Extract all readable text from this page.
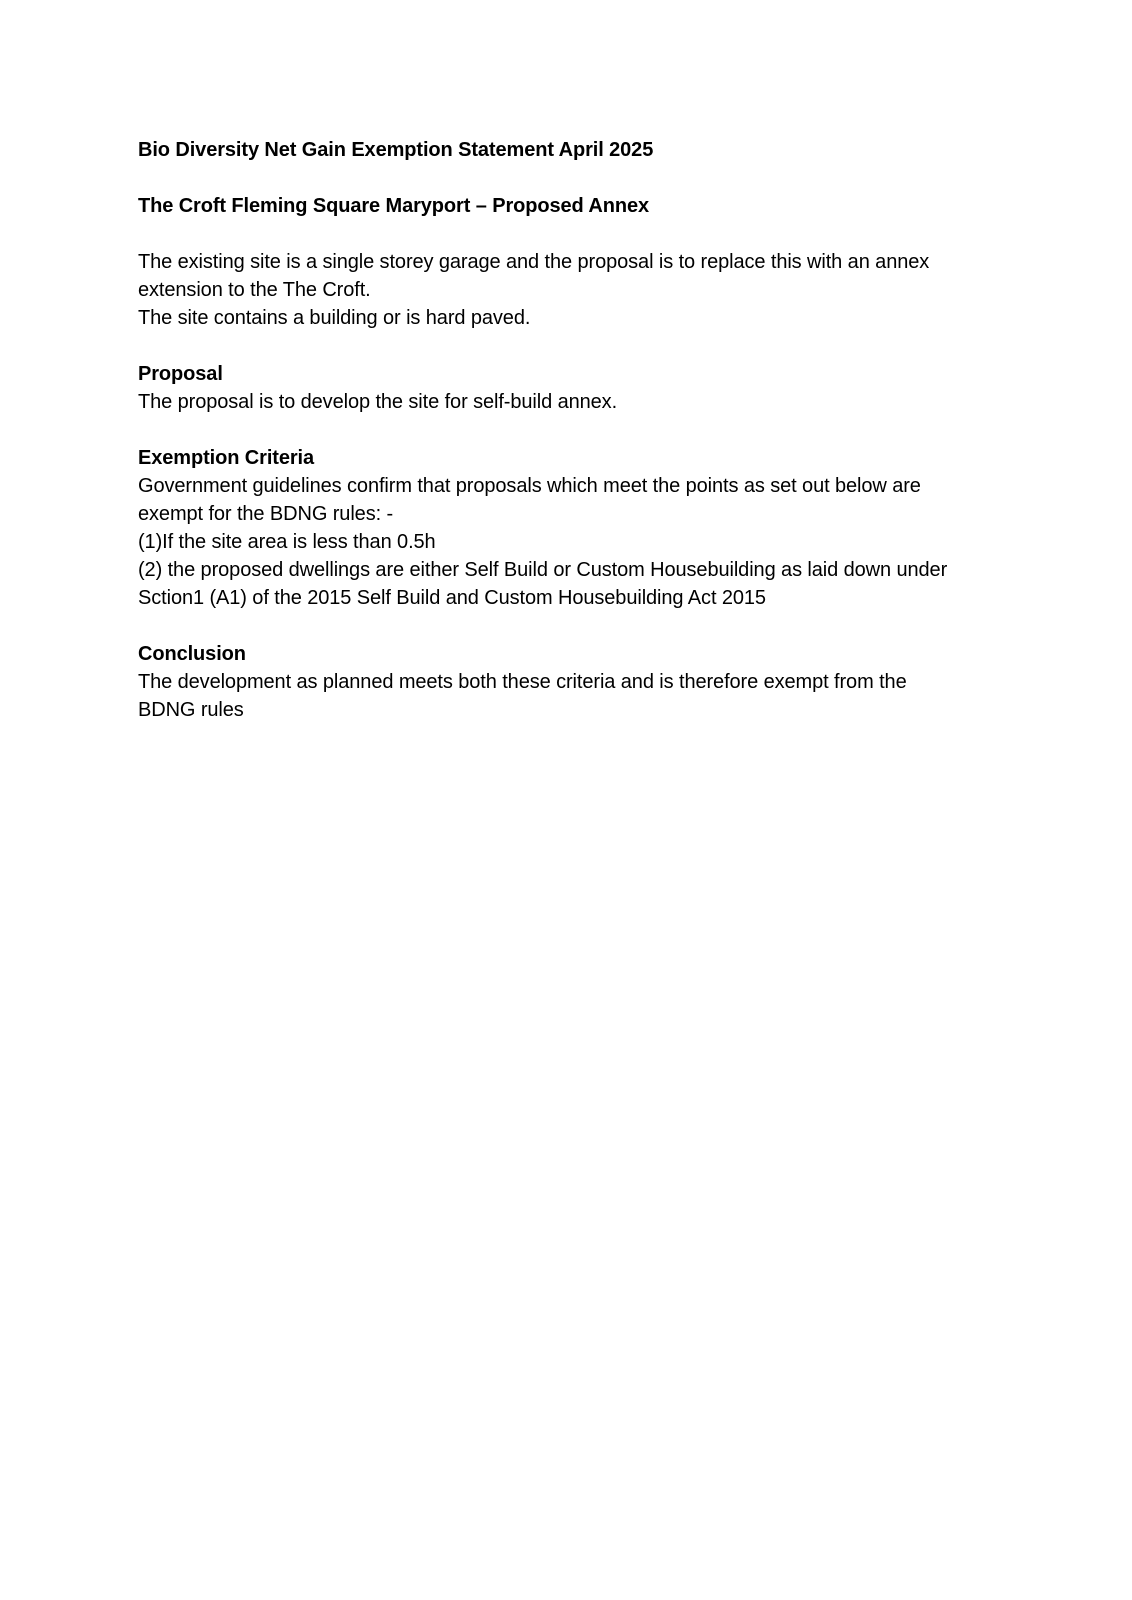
Bio Diversity Net Gain Exemption Statement April 2025
The Croft Fleming Square Maryport – Proposed Annex
The existing site is a single storey garage and the proposal is to replace this with an annex
extension to the The Croft.
The site contains a building or is hard paved.
Proposal
The proposal is to develop the site for self-build annex.
Exemption Criteria
Government guidelines confirm that proposals which meet the points as set out below are
exempt for the BDNG rules: -
(1)If the site area is less than 0.5h
(2) the proposed dwellings are either Self Build or Custom Housebuilding as laid down under
Sction1 (A1) of the 2015 Self Build and Custom Housebuilding Act 2015
Conclusion
The development as planned meets both these criteria and is therefore exempt from the
BDNG rules
